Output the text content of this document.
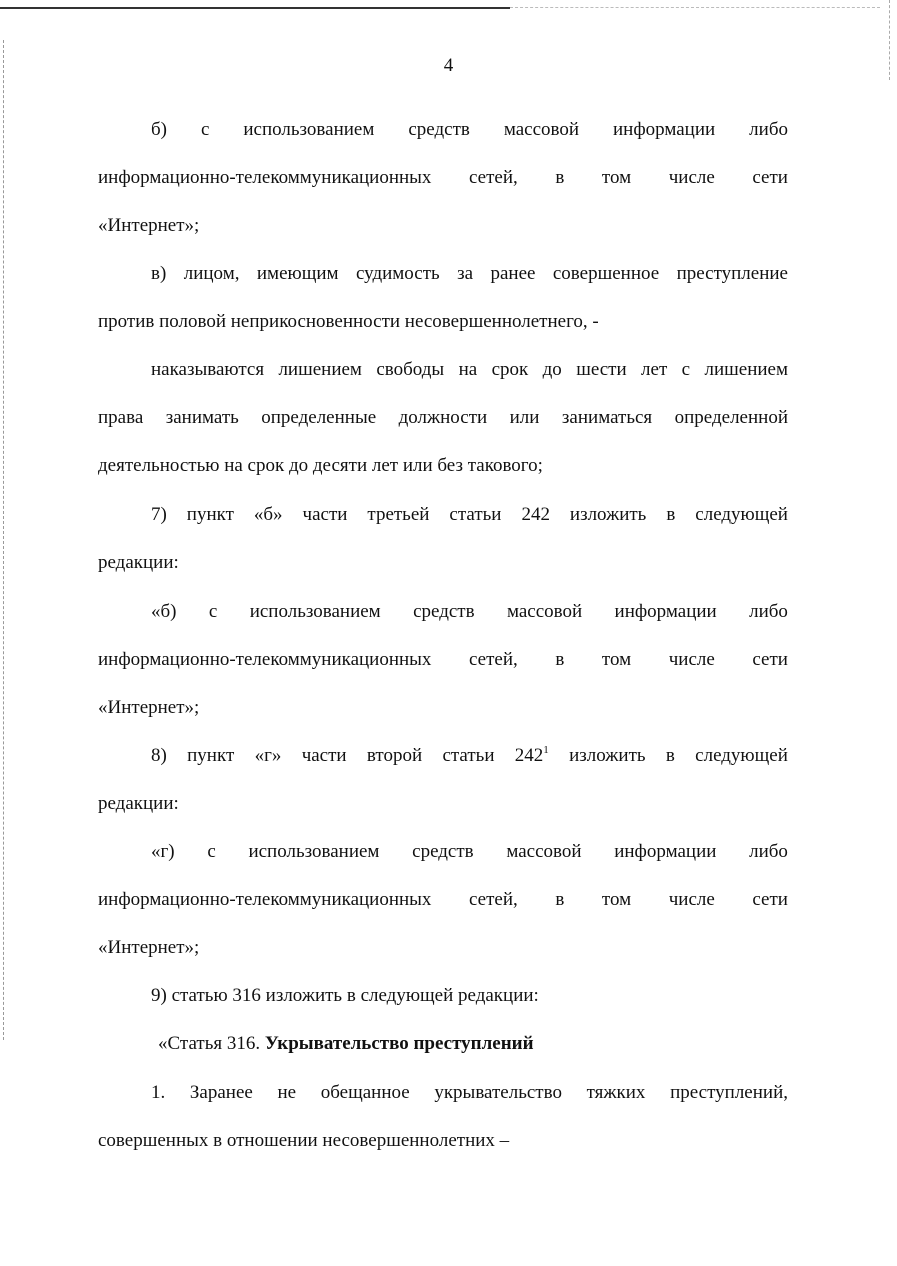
4
б) с использованием средств массовой информации либо
информационно-телекоммуникационных сетей, в том числе сети
«Интернет»;
в) лицом, имеющим судимость за ранее совершенное преступление
против половой неприкосновенности несовершеннолетнего, -
наказываются лишением свободы на срок до шести лет с лишением
права занимать определенные должности или заниматься определенной
деятельностью на срок до десяти лет или без такового;
7) пункт «б» части третьей статьи 242 изложить в следующей
редакции:
«б) с использованием средств массовой информации либо
информационно-телекоммуникационных сетей, в том числе сети
«Интернет»;
8) пункт «г» части второй статьи $242^1$ изложить в следующей
редакции:
«г) с использованием средств массовой информации либо
информационно-телекоммуникационных сетей, в том числе сети
«Интернет»;
9) статью 316 изложить в следующей редакции:
«Статья 316. Укрывательство преступлений
1. Заранее не обещанное укрывательство тяжких преступлений,
совершенных в отношении несовершеннолетних –
